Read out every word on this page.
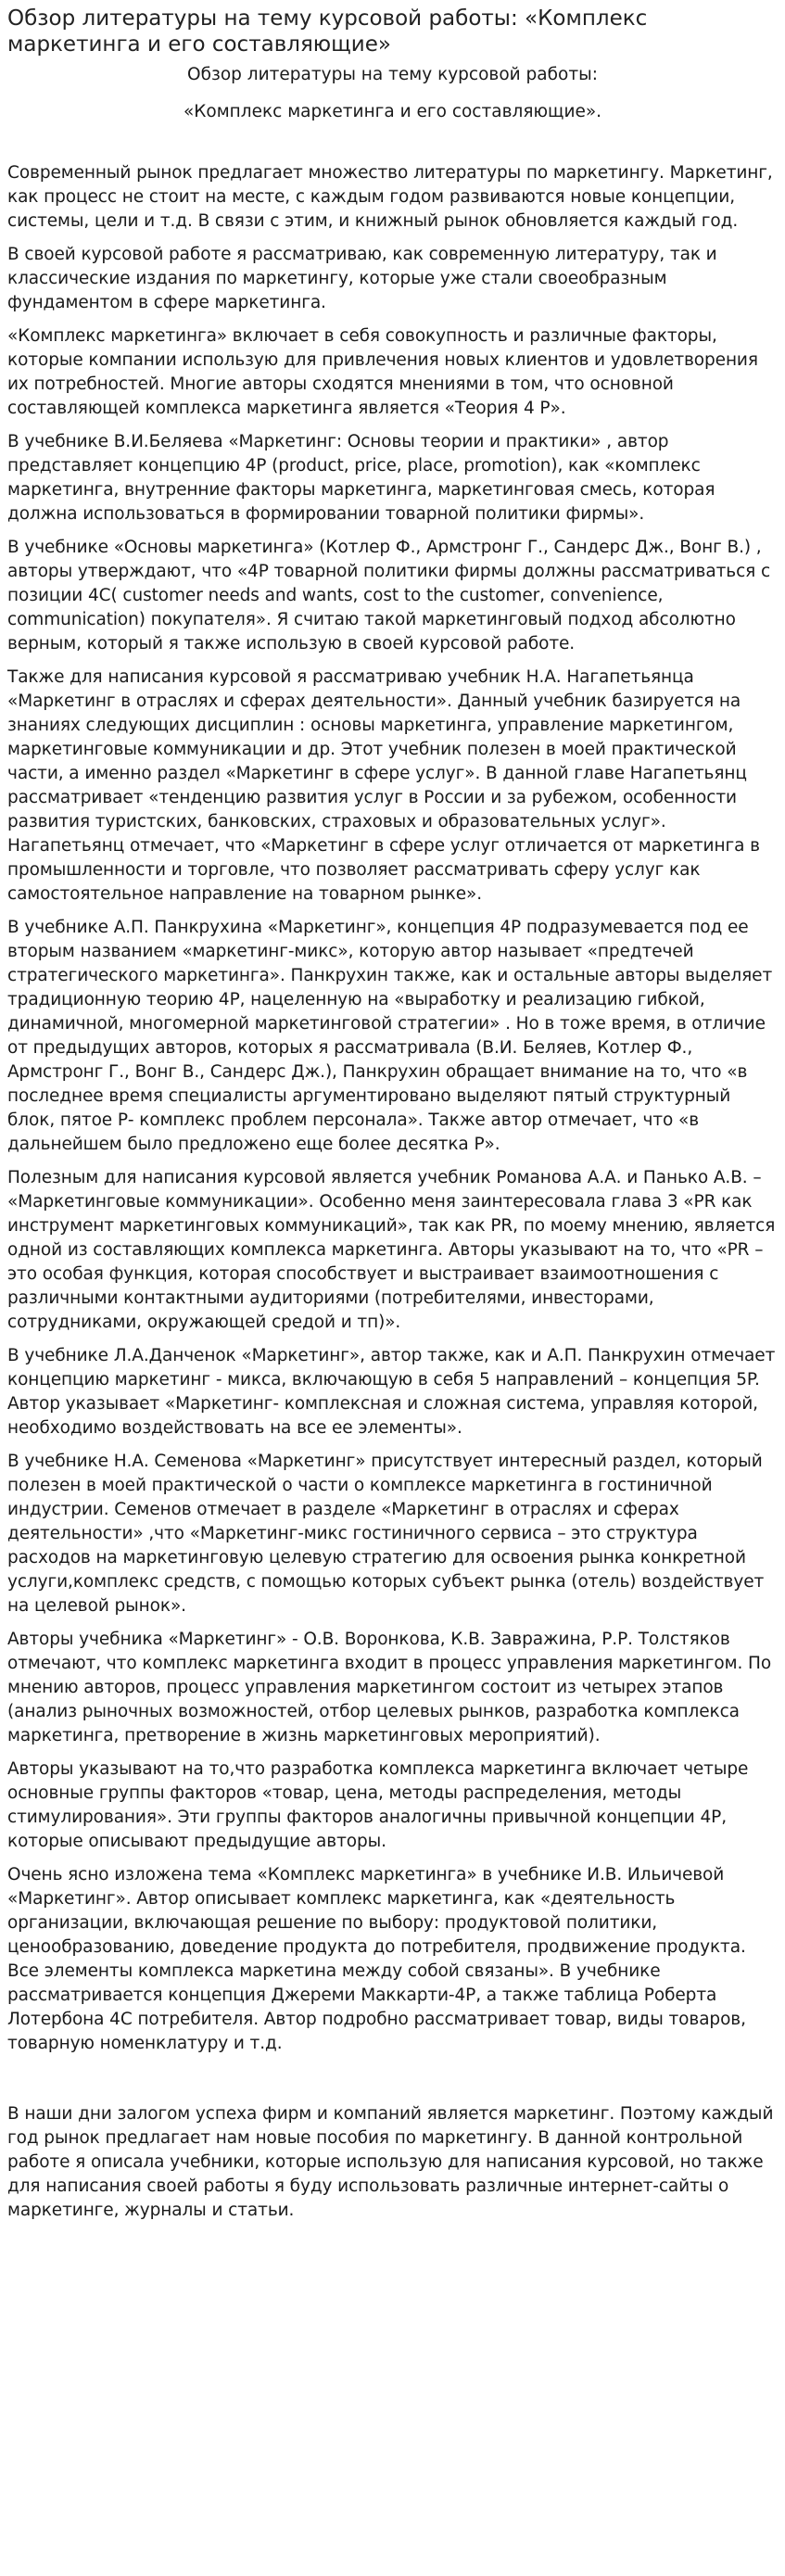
Обзор литературы на тему курсовой работы: «Комплекс маркетинга и его составляющие»

Обзор литературы на тему курсовой работы:

«Комплекс маркетинга и его составляющие».

Современный рынок предлагает множество литературы по маркетингу. Маркетинг, как процесс не стоит на месте, с каждым годом развиваются новые концепции, системы, цели и т.д. В связи с этим, и книжный рынок обновляется каждый год.

В своей курсовой работе я рассматриваю, как современную литературу, так и классические издания по маркетингу, которые уже стали своеобразным фундаментом в сфере маркетинга.

«Комплекс маркетинга» включает в себя совокупность и различные факторы, которые компании использую для привлечения новых клиентов и удовлетворения их потребностей. Многие авторы сходятся мнениями в том, что основной составляющей комплекса маркетинга является «Теория 4 Р».

В учебнике В.И.Беляева «Маркетинг: Основы теории и практики» , автор представляет концепцию 4P (product, price, place, promotion), как «комплекс маркетинга, внутренние факторы маркетинга, маркетинговая смесь, которая должна использоваться в формировании товарной политики фирмы».

В учебнике «Основы маркетинга» (Котлер Ф., Армстронг Г., Сандерс Дж., Вонг В.) , авторы утверждают, что «4P товарной политики фирмы должны рассматриваться с позиции 4С( customer needs and wants, cost to the customer, convenience, communication) покупателя». Я считаю такой маркетинговый подход абсолютно верным, который я также использую в своей курсовой работе.

Также для написания курсовой я рассматриваю учебник Н.А. Нагапетьянца «Маркетинг в отраслях и сферах деятельности». Данный учебник базируется на знаниях следующих дисциплин : основы маркетинга, управление маркетингом, маркетинговые коммуникации и др. Этот учебник полезен в моей практической части, а именно раздел «Маркетинг в сфере услуг». В данной главе Нагапетьянц рассматривает «тенденцию развития услуг в России и за рубежом, особенности развития туристских, банковских, страховых и образовательных услуг». Нагапетьянц отмечает, что «Маркетинг в сфере услуг отличается от маркетинга в промышленности и торговле, что позволяет рассматривать сферу услуг как самостоятельное направление на товарном рынке».

В учебнике А.П. Панкрухина «Маркетинг», концепция 4P подразумевается под ее вторым названием «маркетинг-микс», которую автор называет «предтечей стратегического маркетинга». Панкрухин также, как и остальные авторы выделяет традиционную теорию 4P, нацеленную на «выработку и реализацию гибкой, динамичной, многомерной маркетинговой стратегии» . Но в тоже время, в отличие от предыдущих авторов, которых я рассматривала (В.И. Беляев, Котлер Ф., Армстронг Г., Вонг В., Сандерс Дж.), Панкрухин обращает внимание на то, что «в последнее время специалисты аргументировано выделяют пятый структурный блок, пятое Р- комплекс проблем персонала». Также автор отмечает, что «в дальнейшем было предложено еще более десятка Р».

Полезным для написания курсовой является учебник Романова А.А. и Панько А.В. – «Маркетинговые коммуникации». Особенно меня заинтересовала глава 3 «PR как инструмент маркетинговых коммуникаций», так как PR, по моему мнению, является одной из составляющих комплекса маркетинга. Авторы указывают на то, что «PR – это особая функция, которая способствует и выстраивает взаимоотношения с различными контактными аудиториями (потребителями, инвесторами, сотрудниками, окружающей средой и тп)».

В учебнике Л.А.Данченок «Маркетинг», автор также, как и А.П. Панкрухин отмечает концепцию маркетинг - микса, включающую в себя 5 направлений – концепция 5P. Автор указывает «Маркетинг- комплексная и сложная система, управляя которой, необходимо воздействовать на все ее элементы».

В учебнике Н.А. Семенова «Маркетинг» присутствует интересный раздел, который полезен в моей практической о части о комплексе маркетинга в гостиничной индустрии. Семенов отмечает в разделе «Маркетинг в отраслях и сферах деятельности» ,что «Маркетинг-микс гостиничного сервиса – это структура расходов на маркетинговую целевую стратегию для освоения рынка конкретной услуги,комплекс средств, с помощью которых субъект рынка (отель) воздействует на целевой рынок».

Авторы учебника «Маркетинг» - О.В. Воронкова, К.В. Завражина, Р.Р. Толстяков отмечают, что комплекс маркетинга входит в процесс управления маркетингом. По мнению авторов, процесс управления маркетингом состоит из четырех этапов (анализ рыночных возможностей, отбор целевых рынков, разработка комплекса маркетинга, претворение в жизнь маркетинговых мероприятий).

Авторы указывают на то,что разработка комплекса маркетинга включает четыре основные группы факторов «товар, цена, методы распределения, методы стимулирования». Эти группы факторов аналогичны привычной концепции 4P, которые описывают предыдущие авторы.

Очень ясно изложена тема «Комплекс маркетинга» в учебнике И.В. Ильичевой «Маркетинг». Автор описывает комплекс маркетинга, как «деятельность организации, включающая решение по выбору: продуктовой политики, ценообразованию, доведение продукта до потребителя, продвижение продукта. Все элементы комплекса маркетина между собой связаны». В учебнике рассматривается концепция Джереми Маккарти-4P, а также таблица Роберта Лотербона 4C потребителя. Автор подробно рассматривает товар, виды товаров, товарную номенклатуру и т.д.

В наши дни залогом успеха фирм и компаний является маркетинг. Поэтому каждый год рынок предлагает нам новые пособия по маркетингу. В данной контрольной работе я описала учебники, которые использую для написания курсовой, но также для написания своей работы я буду использовать различные интернет-сайты о маркетинге, журналы и статьи.
